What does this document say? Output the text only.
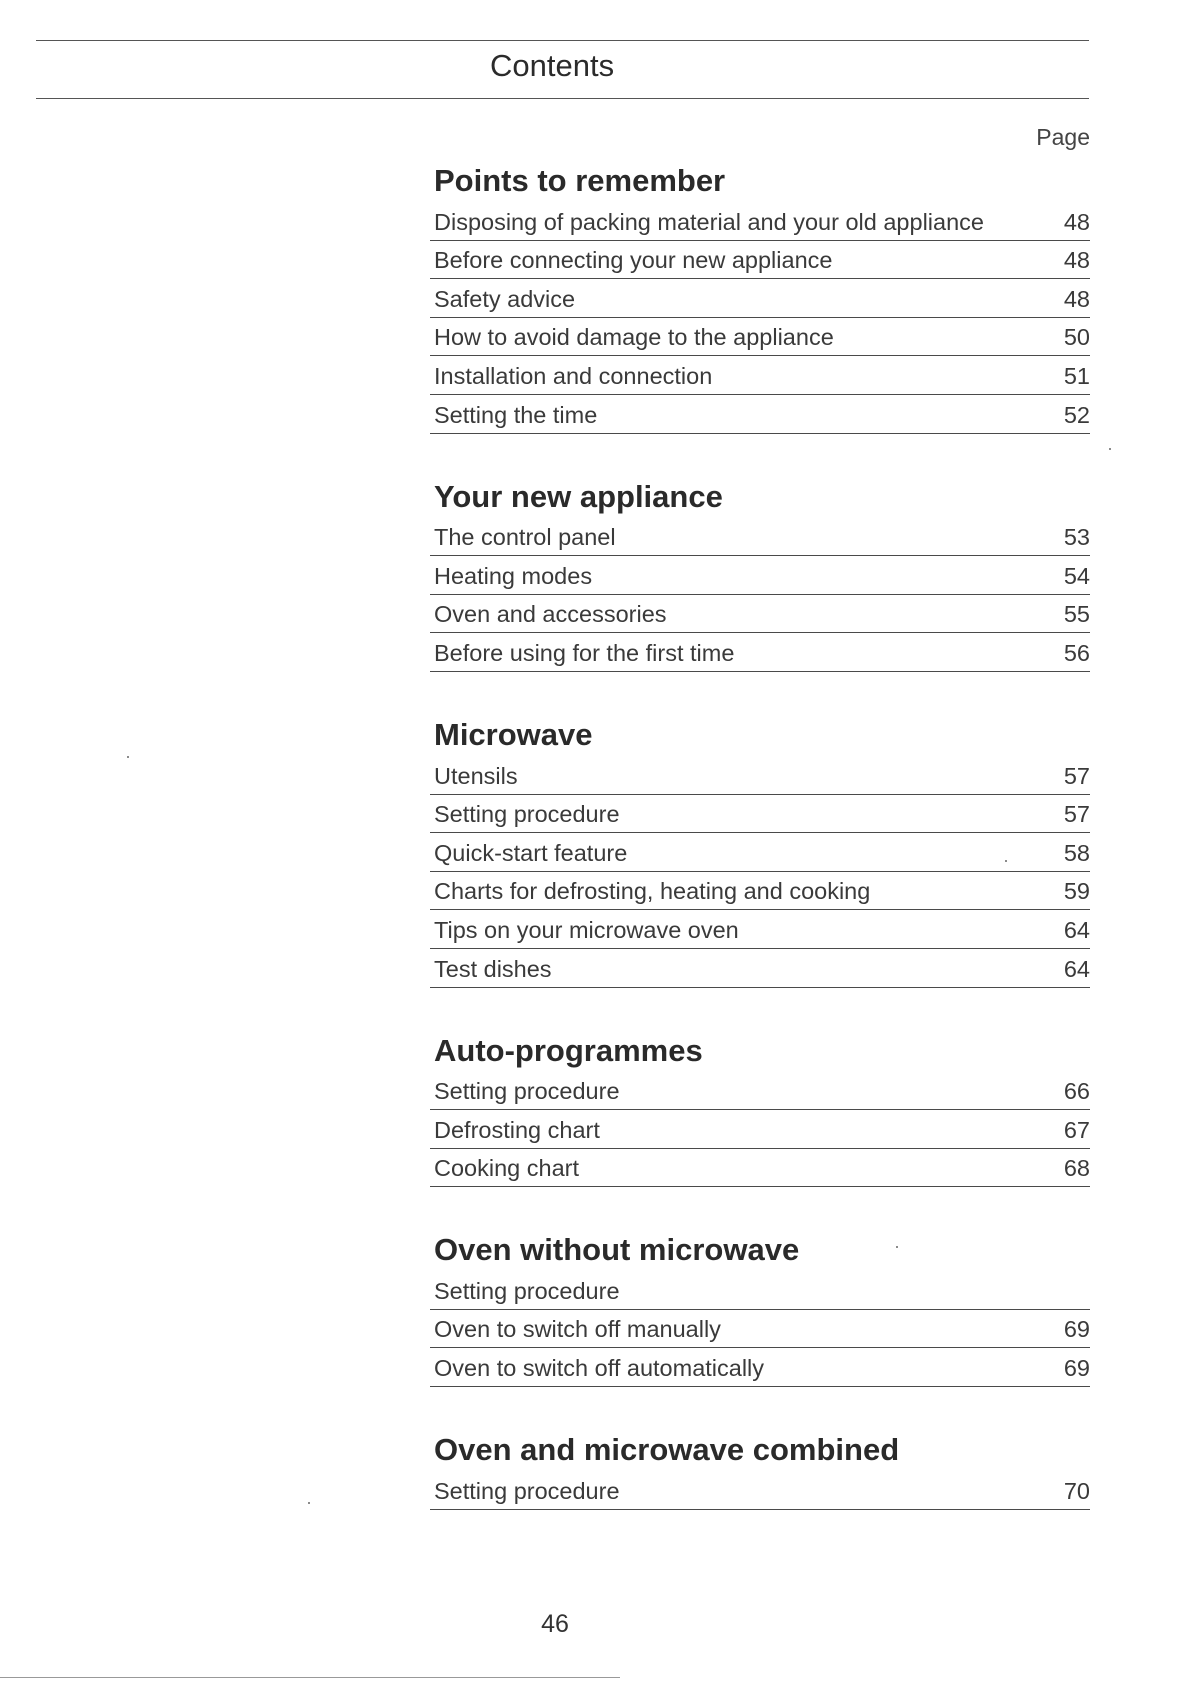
Contents
Page
Points to remember
Disposing of packing material and your old appliance	48
Before connecting your new appliance	48
Safety advice	48
How to avoid damage to the appliance	50
Installation and connection	51
Setting the time	52
Your new appliance
The control panel	53
Heating modes	54
Oven and accessories	55
Before using for the first time	56
Microwave
Utensils	57
Setting procedure	57
Quick-start feature	58
Charts for defrosting, heating and cooking	59
Tips on your microwave oven	64
Test dishes	64
Auto-programmes
Setting procedure	66
Defrosting chart	67
Cooking chart	68
Oven without microwave
Setting procedure
Oven to switch off manually	69
Oven to switch off automatically	69
Oven and microwave combined
Setting procedure	70
46
